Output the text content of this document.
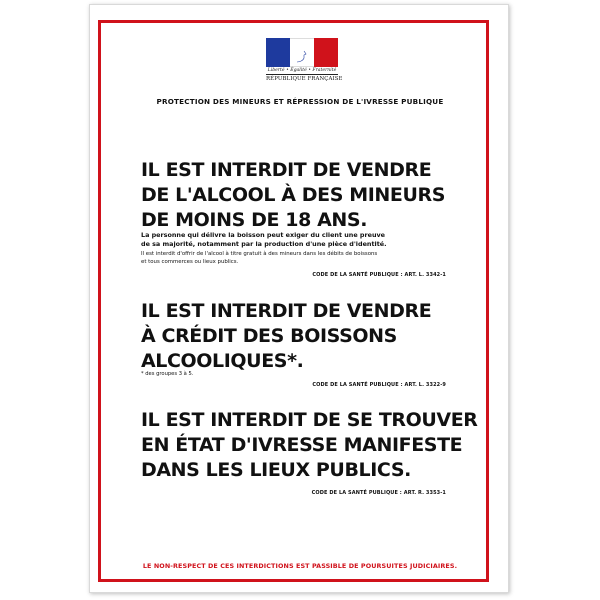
Liberté • Égalité • Fraternité
RÉPUBLIQUE FRANÇAISE
PROTECTION DES MINEURS ET RÉPRESSION DE L'IVRESSE PUBLIQUE
IL EST INTERDIT DE VENDRE
DE L'ALCOOL À DES MINEURS
DE MOINS DE 18 ANS.
La personne qui délivre la boisson peut exiger du client une preuve
de sa majorité, notamment par la production d'une pièce d'identité.
Il est interdit d'offrir de l'alcool à titre gratuit à des mineurs dans les débits de boissons
et tous commerces ou lieux publics.
CODE DE LA SANTÉ PUBLIQUE : ART. L. 3342-1
IL EST INTERDIT DE VENDRE
À CRÉDIT DES BOISSONS
ALCOOLIQUES*.
* des groupes 3 à 5.
CODE DE LA SANTÉ PUBLIQUE : ART. L. 3322-9
IL EST INTERDIT DE SE TROUVER
EN ÉTAT D'IVRESSE MANIFESTE
DANS LES LIEUX PUBLICS.
CODE DE LA SANTÉ PUBLIQUE : ART. R. 3353-1
LE NON-RESPECT DE CES INTERDICTIONS EST PASSIBLE DE POURSUITES JUDICIAIRES.
